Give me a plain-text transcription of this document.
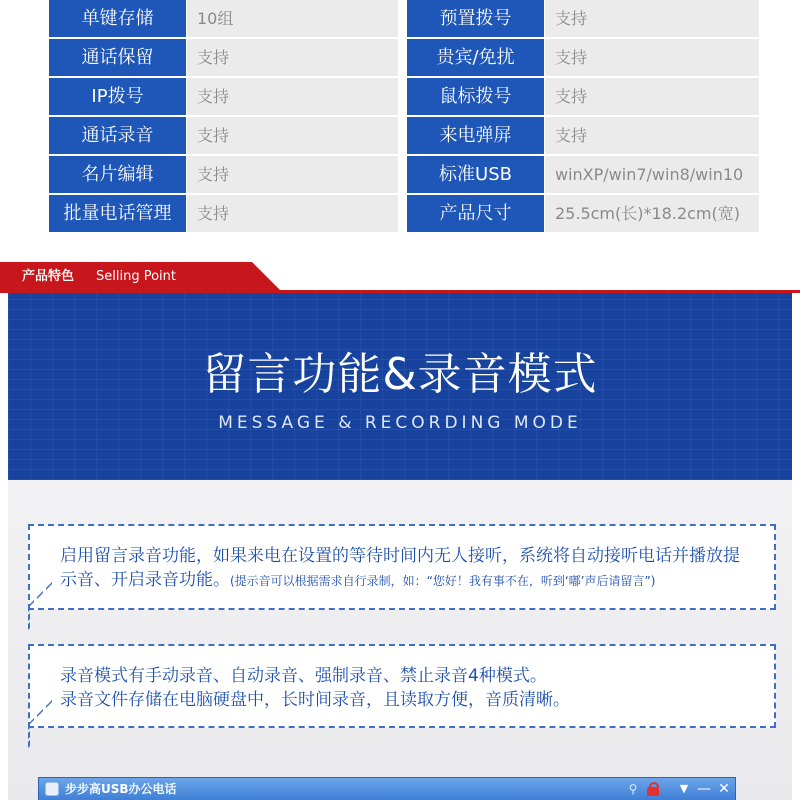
单键存储	10组	预置拨号	支持
通话保留	支持	贵宾/免扰	支持
IP拨号	支持	鼠标拨号	支持
通话录音	支持	来电弹屏	支持
名片编辑	支持	标准USB	winXP/win7/win8/win10
批量电话管理	支持	产品尺寸	25.5cm(长)*18.2cm(宽)
产品特色 Selling Point
留言功能&录音模式
MESSAGE & RECORDING MODE

启用留言录音功能，如果来电在设置的等待时间内无人接听，系统将自动接听电话并播放提示音、开启录音功能。(提示音可以根据需求自行录制，如：“您好！我有事不在，听到‘嘟’声后请留言”)

录音模式有手动录音、自动录音、强制录音、禁止录音4种模式。

录音文件存储在电脑硬盘中，长时间录音，且读取方便，音质清晰。

步步高USB办公电话	⚲	▼ — ✕
